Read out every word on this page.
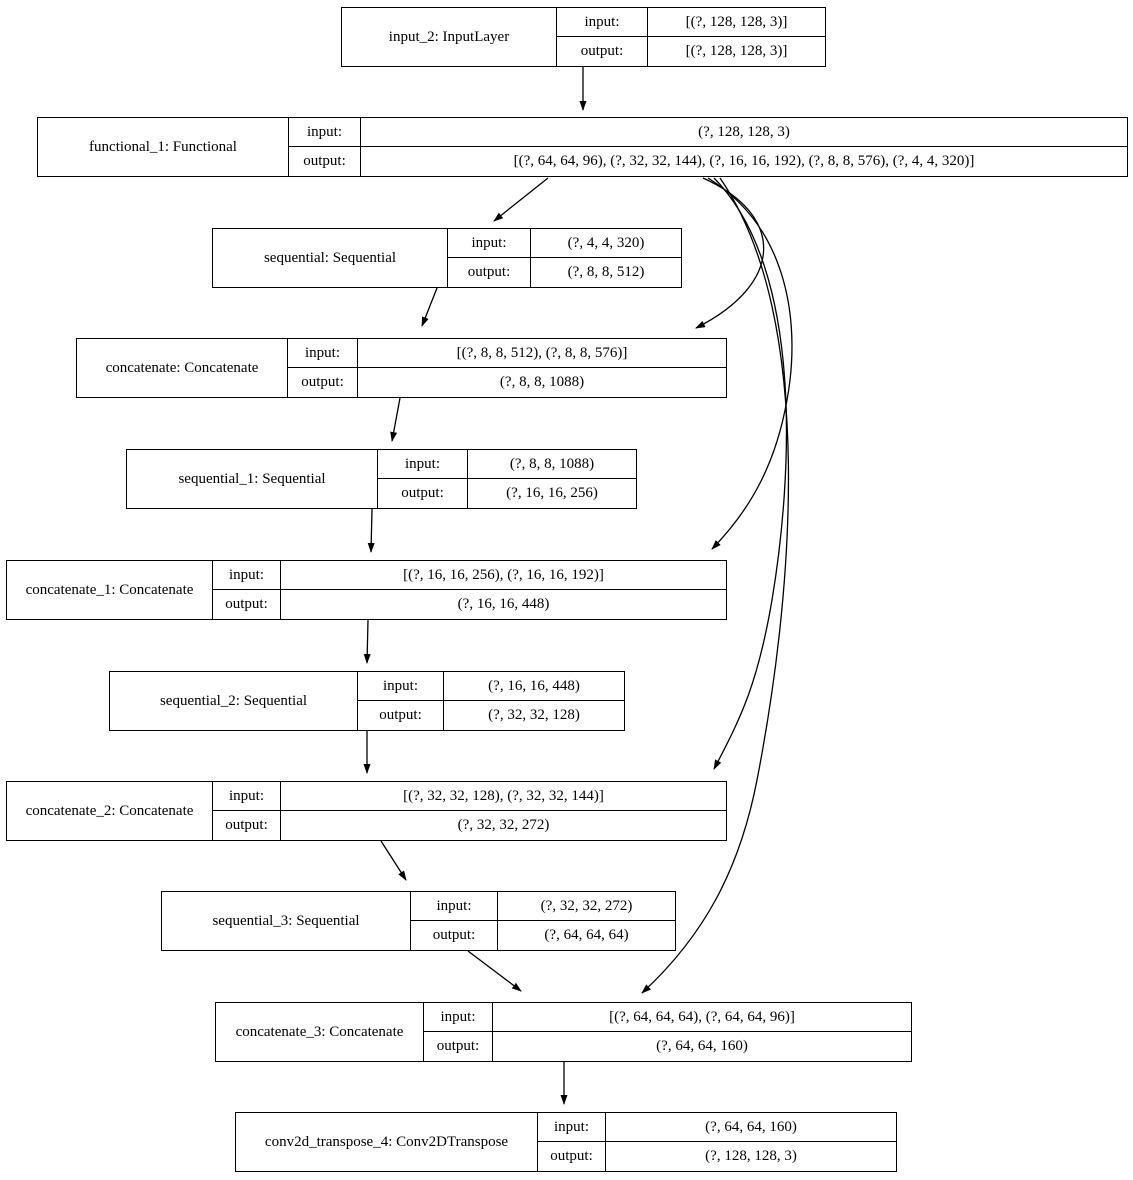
input_2: InputLayer
input:	[(?, 128, 128, 3)]
output:	[(?, 128, 128, 3)]
functional_1: Functional
input:	(?, 128, 128, 3)
output:	[(?, 64, 64, 96), (?, 32, 32, 144), (?, 16, 16, 192), (?, 8, 8, 576), (?, 4, 4, 320)]
sequential: Sequential
input:	(?, 4, 4, 320)
output:	(?, 8, 8, 512)
concatenate: Concatenate
input:	[(?, 8, 8, 512), (?, 8, 8, 576)]
output:	(?, 8, 8, 1088)
sequential_1: Sequential
input:	(?, 8, 8, 1088)
output:	(?, 16, 16, 256)
concatenate_1: Concatenate
input:	[(?, 16, 16, 256), (?, 16, 16, 192)]
output:	(?, 16, 16, 448)
sequential_2: Sequential
input:	(?, 16, 16, 448)
output:	(?, 32, 32, 128)
concatenate_2: Concatenate
input:	[(?, 32, 32, 128), (?, 32, 32, 144)]
output:	(?, 32, 32, 272)
sequential_3: Sequential
input:	(?, 32, 32, 272)
output:	(?, 64, 64, 64)
concatenate_3: Concatenate
input:	[(?, 64, 64, 64), (?, 64, 64, 96)]
output:	(?, 64, 64, 160)
conv2d_transpose_4: Conv2DTranspose
input:	(?, 64, 64, 160)
output:	(?, 128, 128, 3)
